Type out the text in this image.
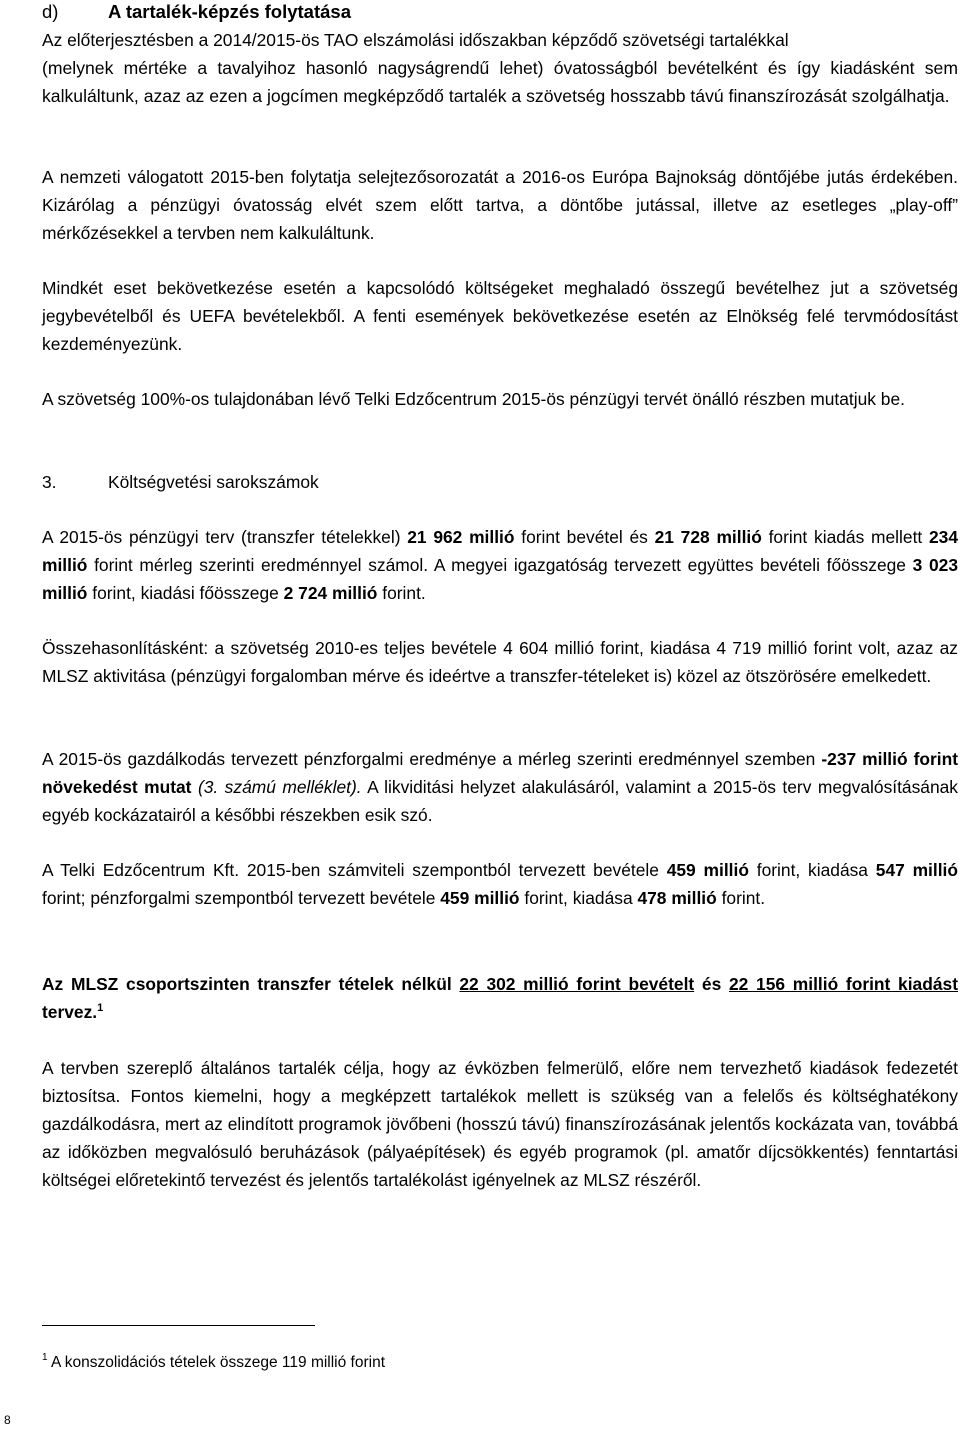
d)	A tartalék-képzés folytatása

Az előterjesztésben a 2014/2015-ös TAO elszámolási időszakban képződő szövetségi tartalékkal

(melynek mértéke a tavalyihoz hasonló nagyságrendű lehet) óvatosságból bevételként és így kiadásként sem kalkuláltunk, azaz az ezen a jogcímen megképződő tartalék a szövetség hosszabb távú finanszírozását szolgálhatja.

A nemzeti válogatott 2015-ben folytatja selejtezősorozatát a 2016-os Európa Bajnokság döntőjébe jutás érdekében. Kizárólag a pénzügyi óvatosság elvét szem előtt tartva, a döntőbe jutással, illetve az esetleges „play-off” mérkőzésekkel a tervben nem kalkuláltunk.

Mindkét eset bekövetkezése esetén a kapcsolódó költségeket meghaladó összegű bevételhez jut a szövetség jegybevételből és UEFA bevételekből. A fenti események bekövetkezése esetén az Elnökség felé tervmódosítást kezdeményezünk.

A szövetség 100%-os tulajdonában lévő Telki Edzőcentrum 2015-ös pénzügyi tervét önálló részben mutatjuk be.

3.	Költségvetési sarokszámok

A 2015-ös pénzügyi terv (transzfer tételekkel) 21 962 millió forint bevétel és 21 728 millió forint kiadás mellett 234 millió forint mérleg szerinti eredménnyel számol. A megyei igazgatóság tervezett együttes bevételi főösszege 3 023 millió forint, kiadási főösszege 2 724 millió forint.

Összehasonlításként: a szövetség 2010-es teljes bevétele 4 604 millió forint, kiadása 4 719 millió forint volt, azaz az MLSZ aktivitása (pénzügyi forgalomban mérve és ideértve a transzfer-tételeket is) közel az ötszörösére emelkedett.

A 2015-ös gazdálkodás tervezett pénzforgalmi eredménye a mérleg szerinti eredménnyel szemben -237 millió forint növekedést mutat (3. számú melléklet). A likviditási helyzet alakulásáról, valamint a 2015-ös terv megvalósításának egyéb kockázatairól a későbbi részekben esik szó.

A Telki Edzőcentrum Kft. 2015-ben számviteli szempontból tervezett bevétele 459 millió forint, kiadása 547 millió forint; pénzforgalmi szempontból tervezett bevétele 459 millió forint, kiadása 478 millió forint.

Az MLSZ csoportszinten transzfer tételek nélkül 22 302 millió forint bevételt és 22 156 millió forint kiadást tervez.$^1$

A tervben szereplő általános tartalék célja, hogy az évközben felmerülő, előre nem tervezhető kiadások fedezetét biztosítsa. Fontos kiemelni, hogy a megképzett tartalékok mellett is szükség van a felelős és költséghatékony gazdálkodásra, mert az elindított programok jövőbeni (hosszú távú) finanszírozásának jelentős kockázata van, továbbá az időközben megvalósuló beruházások (pályaépítések) és egyéb programok (pl. amatőr díjcsökkentés) fenntartási költségei előretekintő tervezést és jelentős tartalékolást igényelnek az MLSZ részéről.

$^1$ A konszolidációs tételek összege 119 millió forint
8
